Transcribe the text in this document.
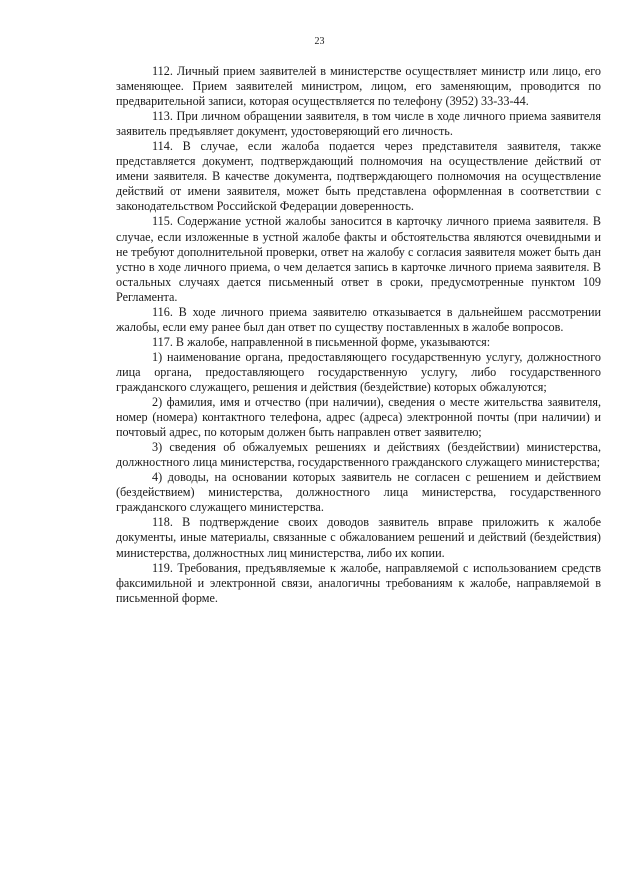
23

112. Личный прием заявителей в министерстве осуществляет министр или лицо, его заменяющее. Прием заявителей министром, лицом, его заменяющим, проводится по предварительной записи, которая осуществляется по телефону (3952) 33-33-44.

113. При личном обращении заявителя, в том числе в ходе личного приема заявителя заявитель предъявляет документ, удостоверяющий его личность.

114. В случае, если жалоба подается через представителя заявителя, также представляется документ, подтверждающий полномочия на осуществление действий от имени заявителя. В качестве документа, подтверждающего полномочия на осуществление действий от имени заявителя, может быть представлена оформленная в соответствии с законодательством Российской Федерации доверенность.

115. Содержание устной жалобы заносится в карточку личного приема заявителя. В случае, если изложенные в устной жалобе факты и обстоятельства являются очевидными и не требуют дополнительной проверки, ответ на жалобу с согласия заявителя может быть дан устно в ходе личного приема, о чем делается запись в карточке личного приема заявителя. В остальных случаях дается письменный ответ в сроки, предусмотренные пунктом 109 Регламента.

116. В ходе личного приема заявителю отказывается в дальнейшем рассмотрении жалобы, если ему ранее был дан ответ по существу поставленных в жалобе вопросов.

117. В жалобе, направленной в письменной форме, указываются:

1) наименование органа, предоставляющего государственную услугу, должностного лица органа, предоставляющего государственную услугу, либо государственного гражданского служащего, решения и действия (бездействие) которых обжалуются;

2) фамилия, имя и отчество (при наличии), сведения о месте жительства заявителя, номер (номера) контактного телефона, адрес (адреса) электронной почты (при наличии) и почтовый адрес, по которым должен быть направлен ответ заявителю;

3) сведения об обжалуемых решениях и действиях (бездействии) министерства, должностного лица министерства, государственного гражданского служащего министерства;

4) доводы, на основании которых заявитель не согласен с решением и действием (бездействием) министерства, должностного лица министерства, государственного гражданского служащего министерства.

118. В подтверждение своих доводов заявитель вправе приложить к жалобе документы, иные материалы, связанные с обжалованием решений и действий (бездействия) министерства, должностных лиц министерства, либо их копии.

119. Требования, предъявляемые к жалобе, направляемой с использованием средств факсимильной и электронной связи, аналогичны требованиям к жалобе, направляемой в письменной форме.
